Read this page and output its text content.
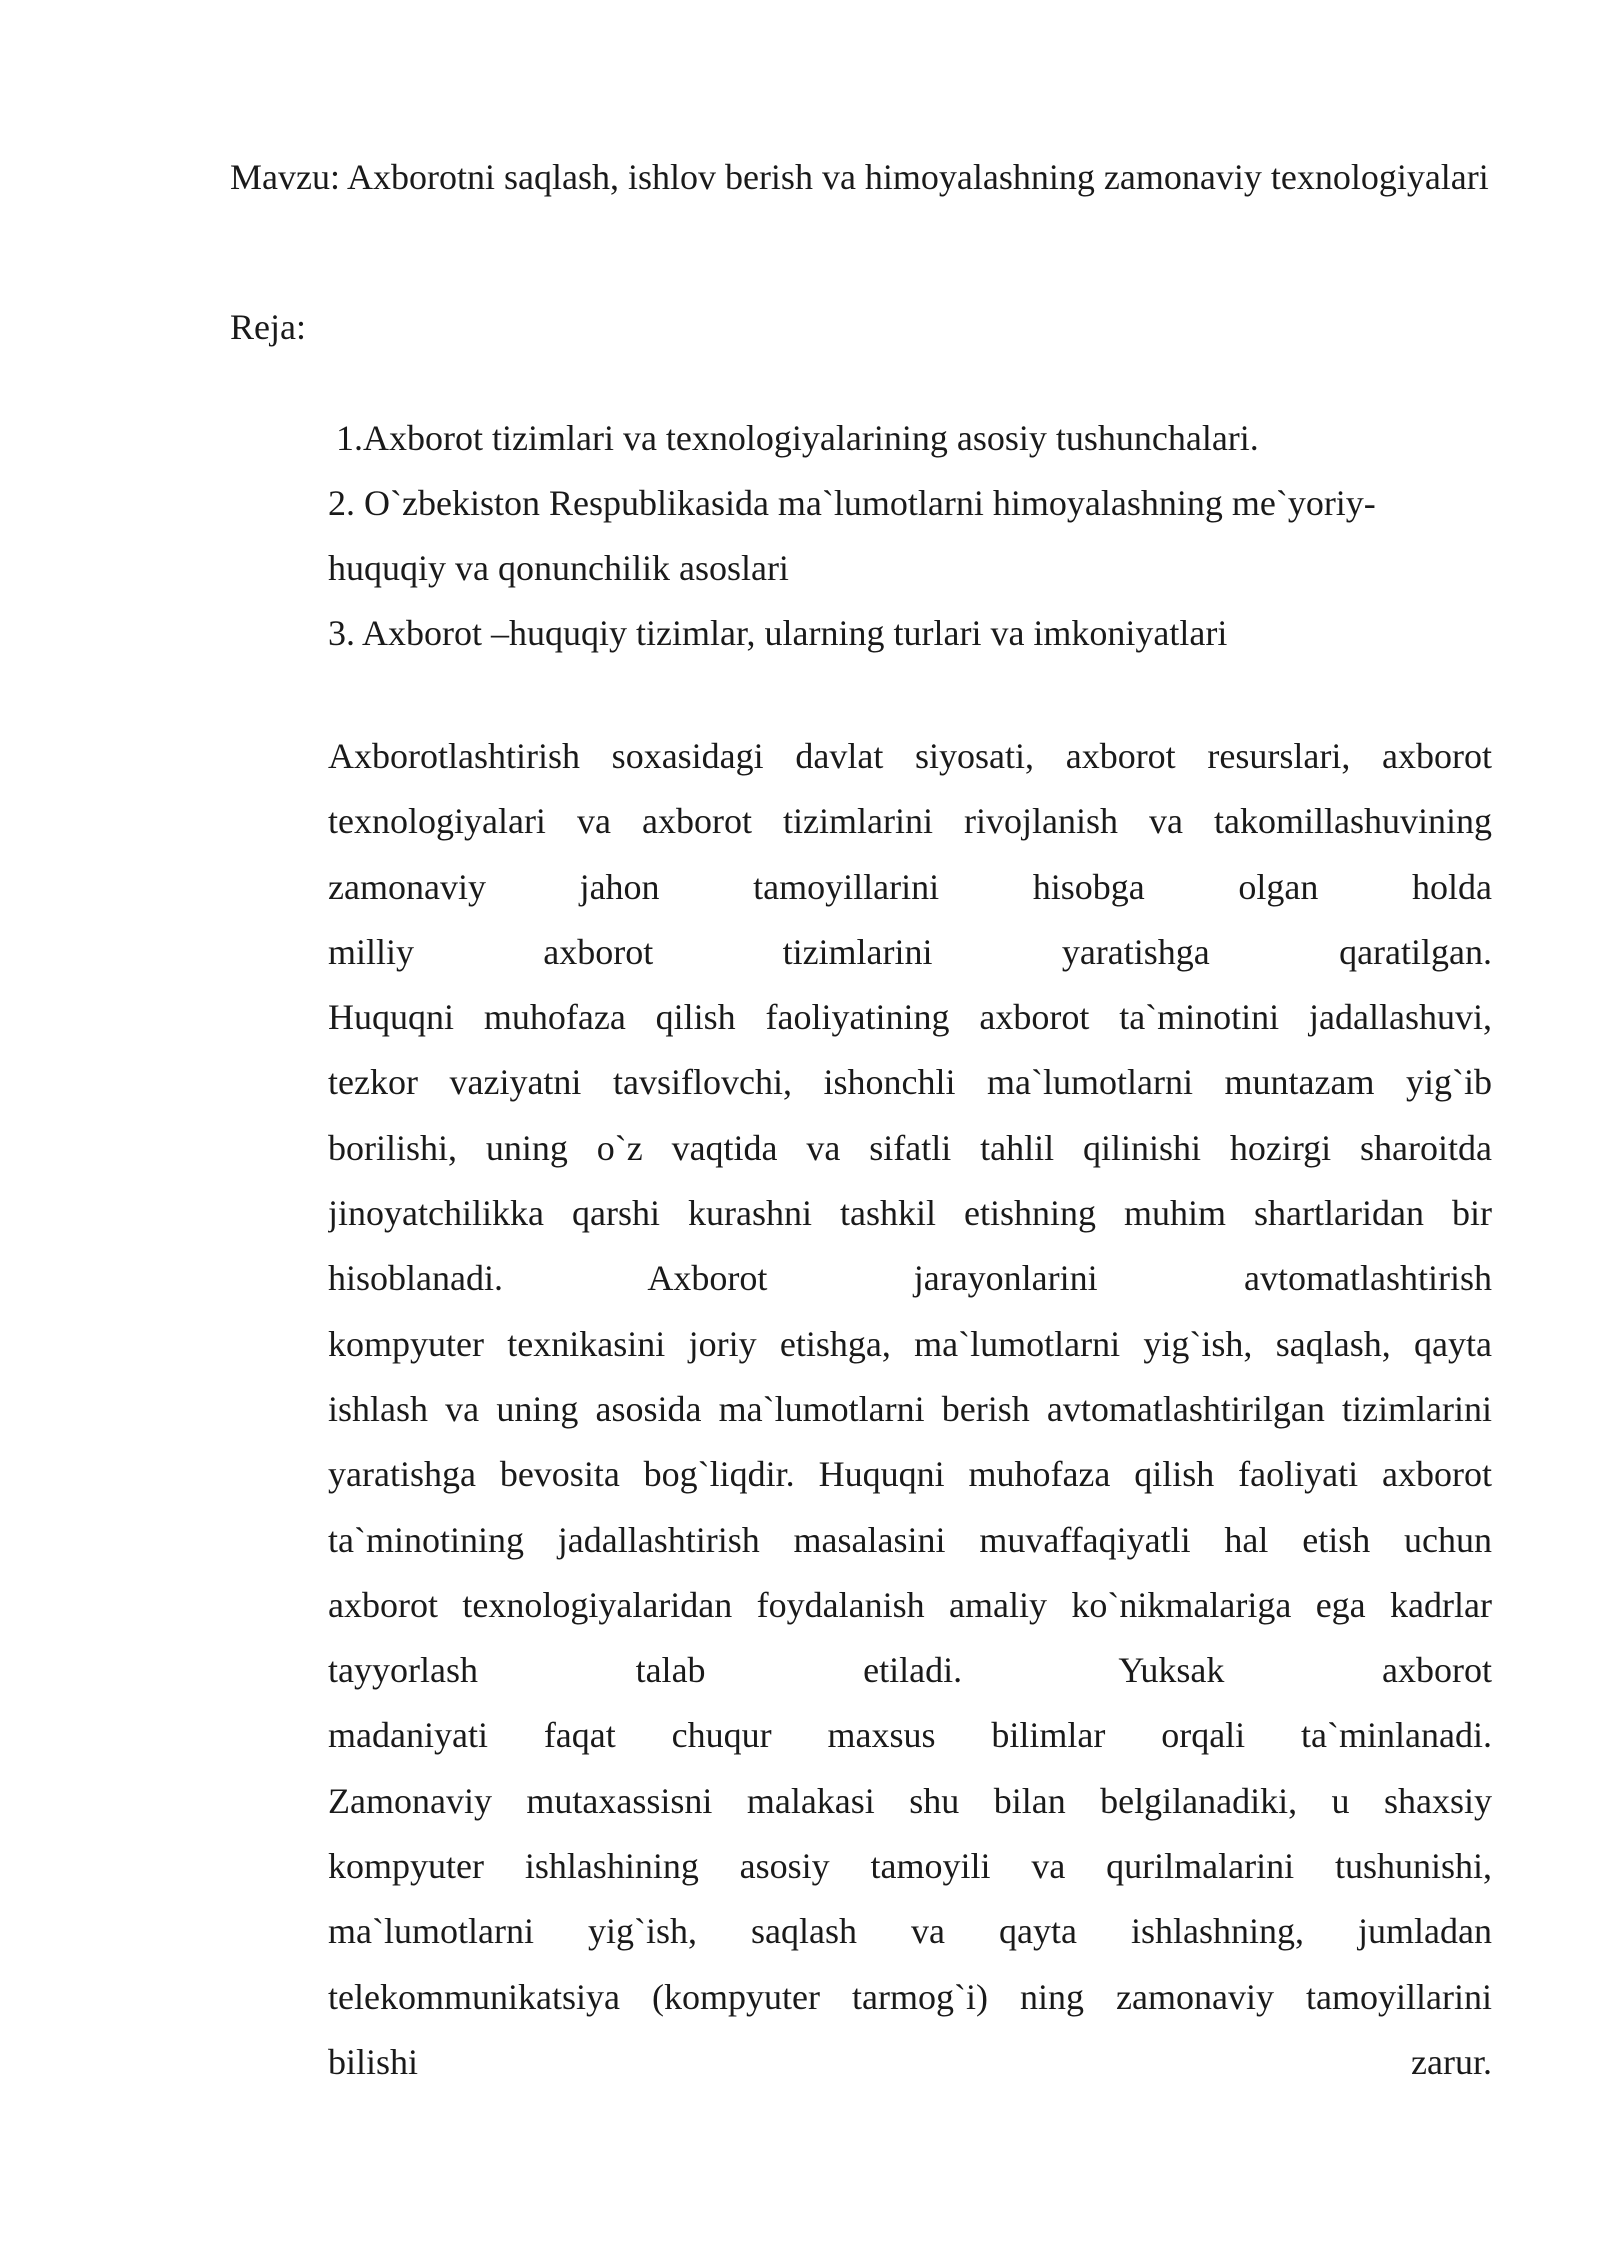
Mavzu: Axborotni saqlash, ishlov berish va himoyalashning zamonaviy texnologiyalari

Reja:

1.Axborot tizimlari va texnologiyalarining asosiy tushunchalari.
2. O`zbekiston Respublikasida ma`lumotlarni himoyalashning me`yoriy-
huquqiy va qonunchilik asoslari
3. Axborot –huquqiy tizimlar, ularning turlari va imkoniyatlari
Axborotlashtirish soxasidagi davlat siyosati, axborot resurslari, axborot
texnologiyalari va axborot tizimlarini rivojlanish va takomillashuvining
zamonaviy jahon tamoyillarini hisobga olgan holda
milliy axborot tizimlarini yaratishga qaratilgan.
Huquqni muhofaza qilish faoliyatining axborot ta`minotini jadallashuvi,
tezkor vaziyatni tavsiflovchi, ishonchli ma`lumotlarni muntazam yig`ib
borilishi, uning o`z vaqtida va sifatli tahlil qilinishi hozirgi sharoitda
jinoyatchilikka qarshi kurashni tashkil etishning muhim shartlaridan bir
hisoblanadi. Axborot jarayonlarini avtomatlashtirish
kompyuter texnikasini joriy etishga, ma`lumotlarni yig`ish, saqlash, qayta
ishlash va uning asosida ma`lumotlarni berish avtomatlashtirilgan tizimlarini
yaratishga bevosita bog`liqdir. Huquqni muhofaza qilish faoliyati axborot
ta`minotining jadallashtirish masalasini muvaffaqiyatli hal etish uchun
axborot texnologiyalaridan foydalanish amaliy ko`nikmalariga ega kadrlar
tayyorlash talab etiladi. Yuksak axborot
madaniyati faqat chuqur maxsus bilimlar orqali ta`minlanadi.
Zamonaviy mutaxassisni malakasi shu bilan belgilanadiki, u shaxsiy
kompyuter ishlashining asosiy tamoyili va qurilmalarini tushunishi,
ma`lumotlarni yig`ish, saqlash va qayta ishlashning, jumladan
telekommunikatsiya (kompyuter tarmog`i) ning zamonaviy tamoyillarini
bilishi zarur.
